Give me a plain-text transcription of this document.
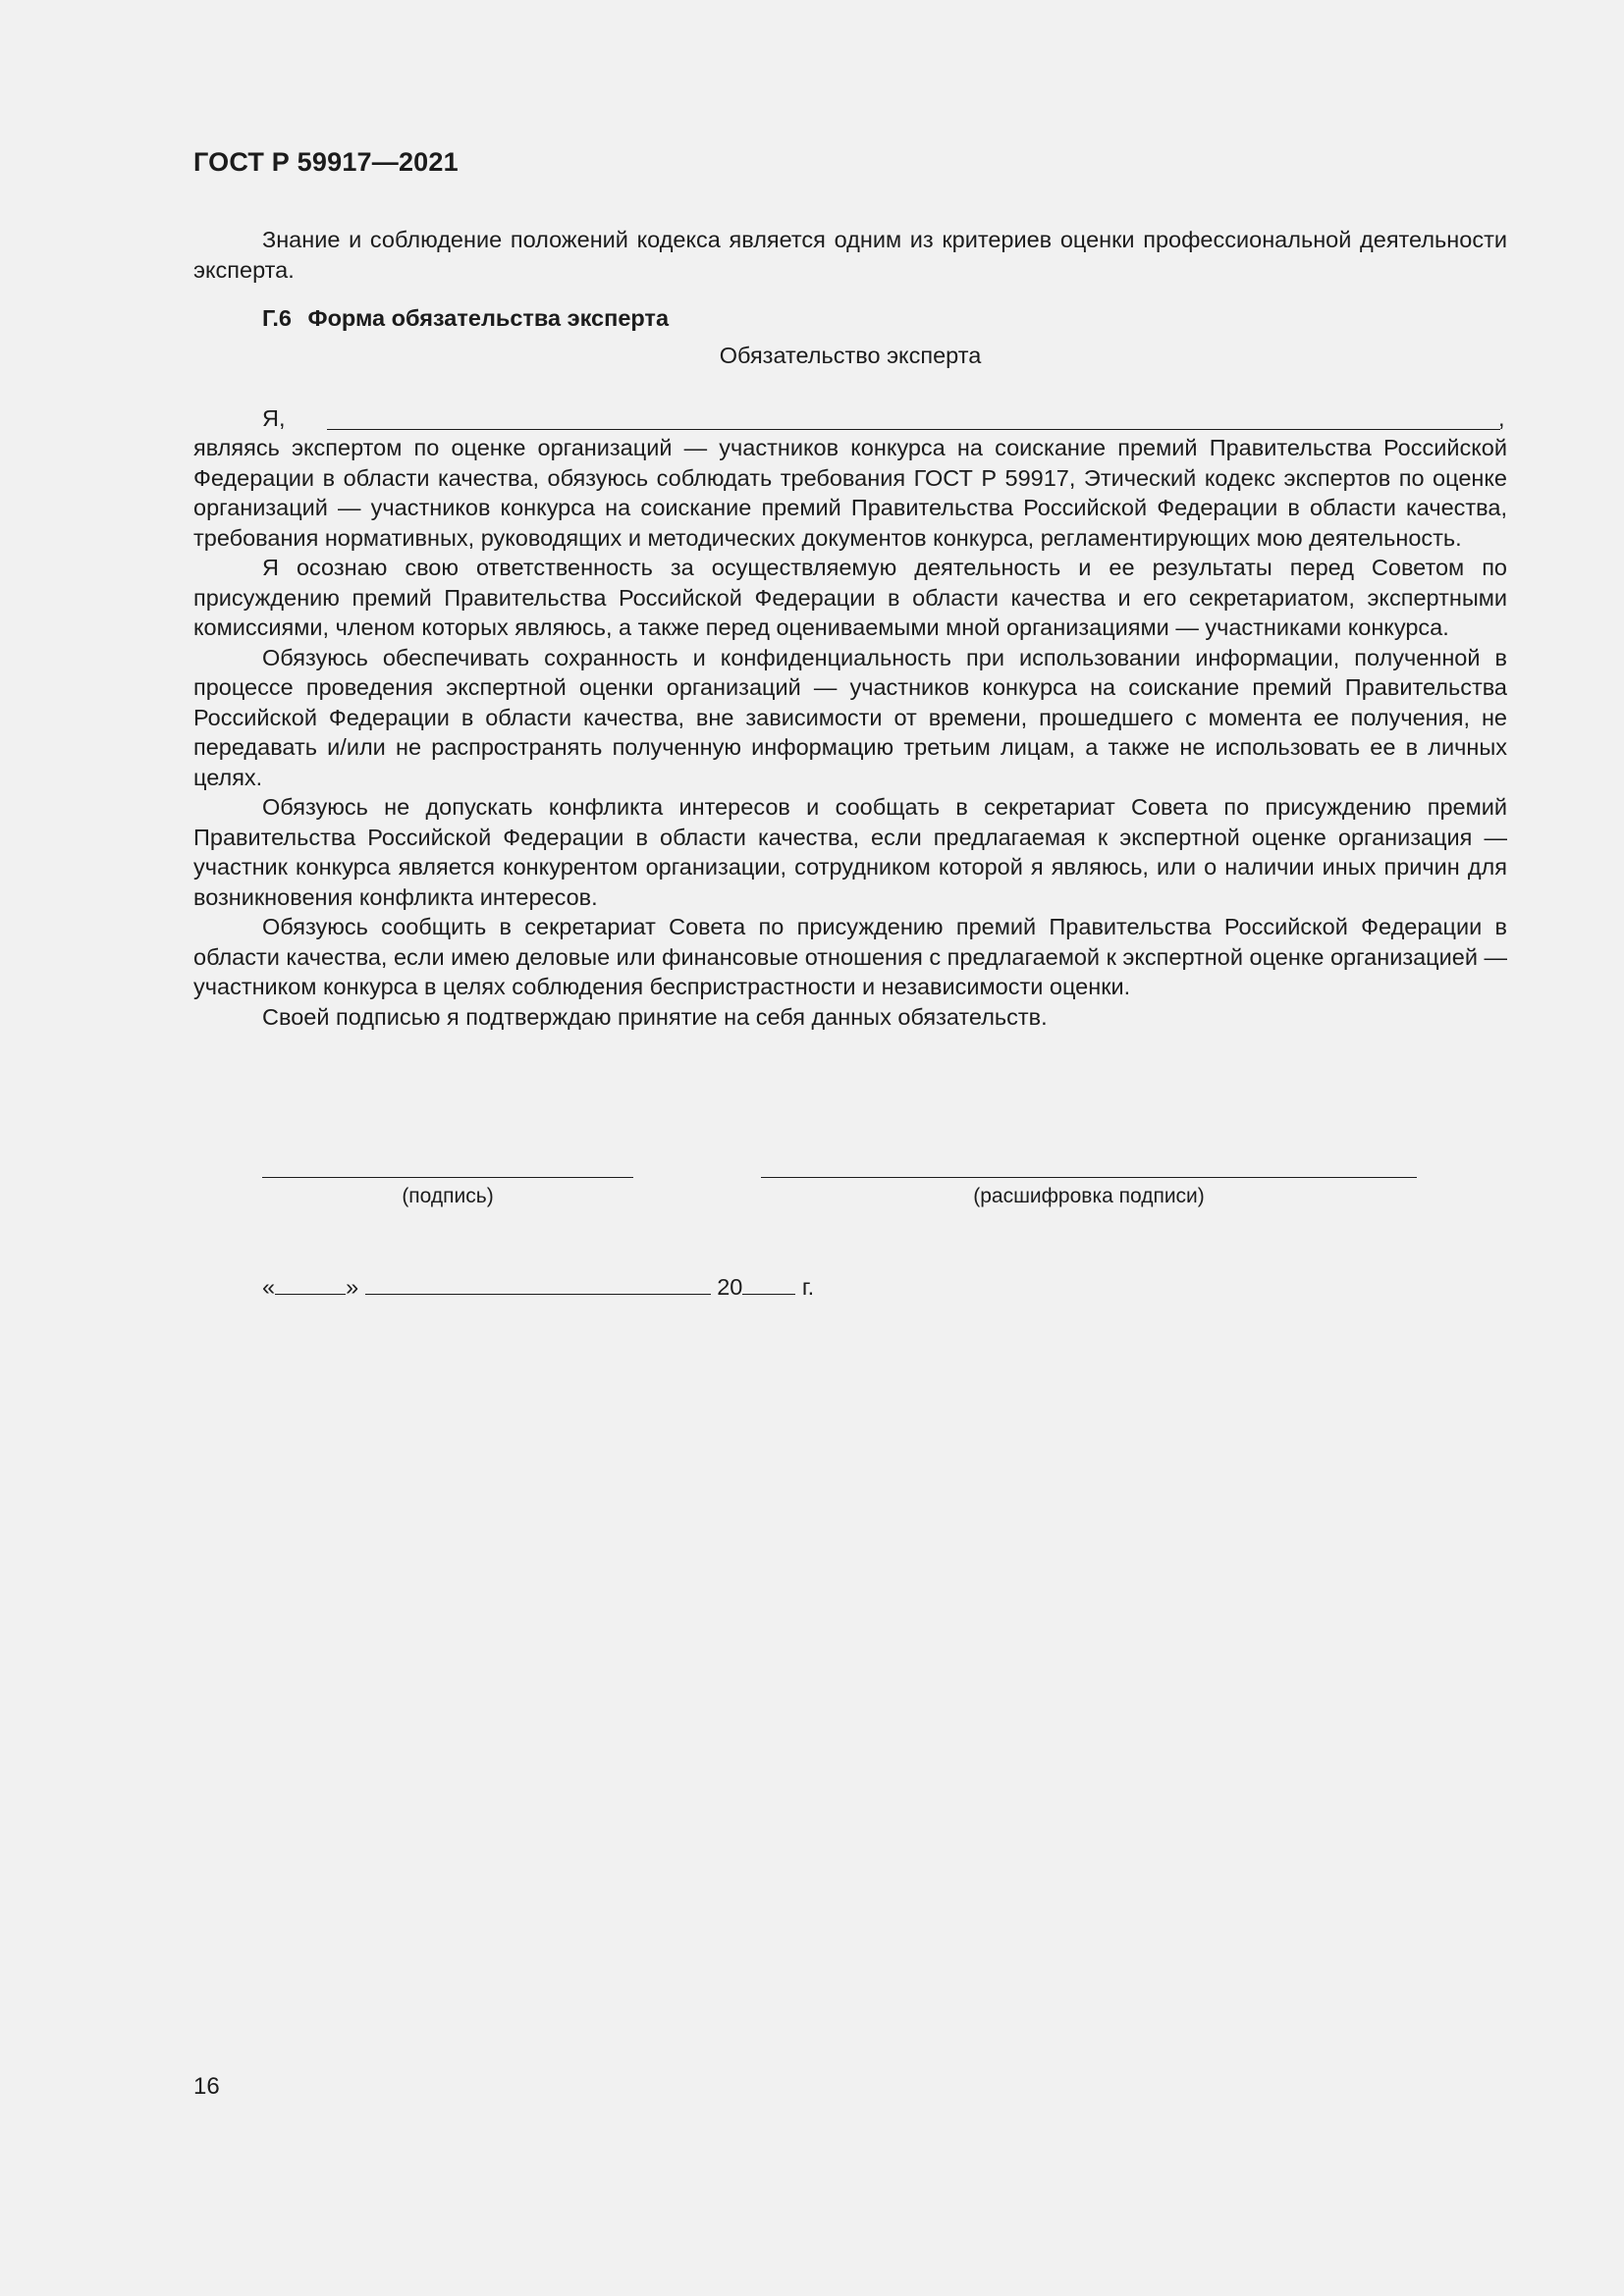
ГОСТ Р 59917—2021

Знание и соблюдение положений кодекса является одним из критериев оценки профессиональной деятельности эксперта.

Г.6 Форма обязательства эксперта
Обязательство эксперта
Я,	,

являясь экспертом по оценке организаций — участников конкурса на соискание премий Правительства Российской Федерации в области качества, обязуюсь соблюдать требования ГОСТ Р 59917, Этический кодекс экспертов по оценке организаций — участников конкурса на соискание премий Правительства Российской Федерации в области качества, требования нормативных, руководящих и методических документов конкурса, регламентирующих мою деятельность.

Я осознаю свою ответственность за осуществляемую деятельность и ее результаты перед Советом по присуждению премий Правительства Российской Федерации в области качества и его секретариатом, экспертными комиссиями, членом которых являюсь, а также перед оцениваемыми мной организациями — участниками конкурса.

Обязуюсь обеспечивать сохранность и конфиденциальность при использовании информации, полученной в процессе проведения экспертной оценки организаций — участников конкурса на соискание премий Правительства Российской Федерации в области качества, вне зависимости от времени, прошедшего с момента ее получения, не передавать и/или не распространять полученную информацию третьим лицам, а также не использовать ее в личных целях.

Обязуюсь не допускать конфликта интересов и сообщать в секретариат Совета по присуждению премий Правительства Российской Федерации в области качества, если предлагаемая к экспертной оценке организация — участник конкурса является конкурентом организации, сотрудником которой я являюсь, или о наличии иных причин для возникновения конфликта интересов.

Обязуюсь сообщить в секретариат Совета по присуждению премий Правительства Российской Федерации в области качества, если имею деловые или финансовые отношения с предлагаемой к экспертной оценке организацией — участником конкурса в целях соблюдения беспристрастности и независимости оценки.

Своей подписью я подтверждаю принятие на себя данных обязательств.

(подпись)	(расшифровка подписи)
«	»	20	г.
16
